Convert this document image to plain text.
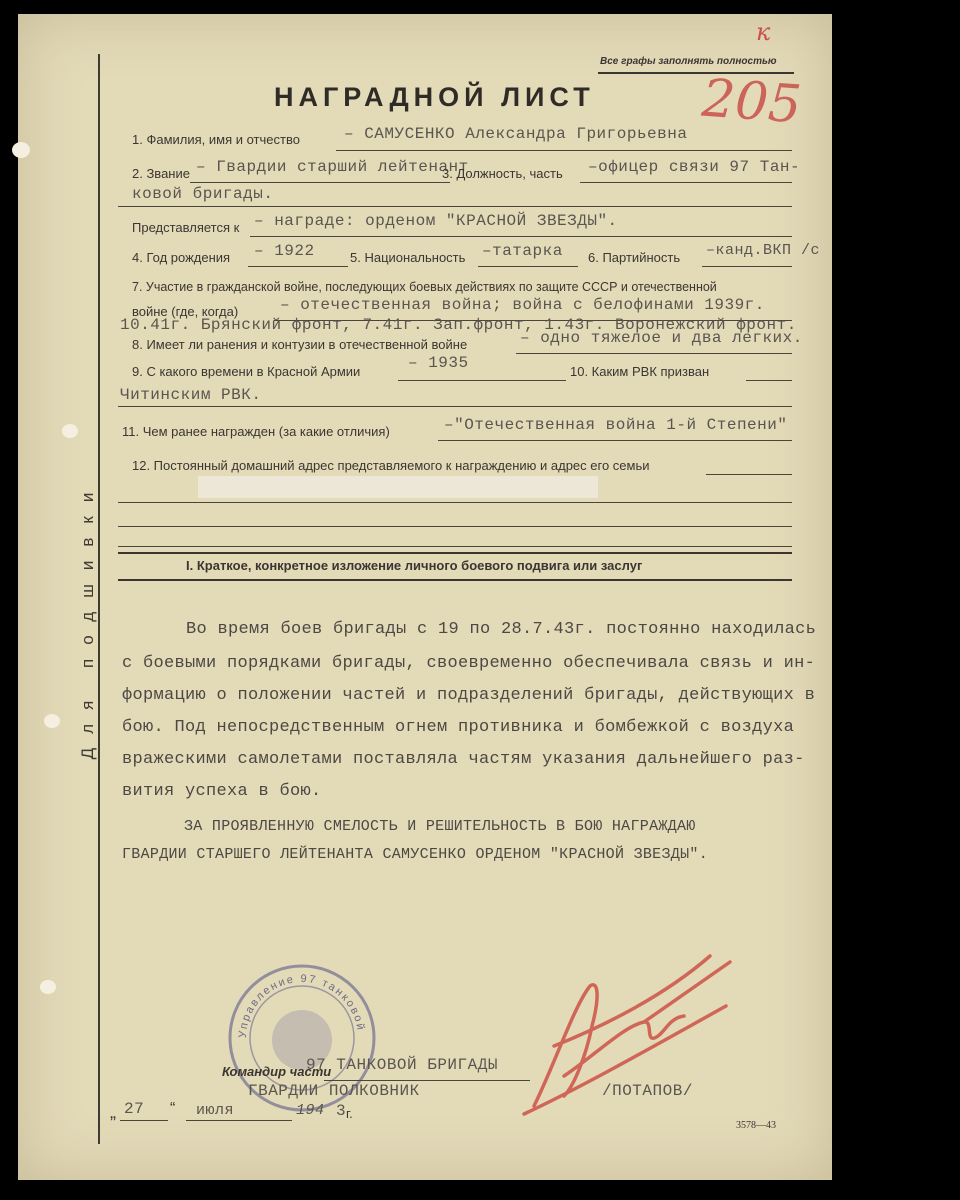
Для подшивки
Все графы заполнять полностью
к
205
НАГРАДНОЙ ЛИСТ
1. Фамилия, имя и отчество	– САМУСЕНКО Александра Григорьевна
2. Звание – Гвардии старший лейтенант
3. Должность, часть –офицер связи 97 Тан-
ковой бригады.
Представляется к – награде: орденом "КРАСНОЙ ЗВЕЗДЫ".
4. Год рождения – 1922	5. Национальность –татарка 6. Партийность –канд.ВКП /с
7. Участие в гражданской войне, последующих боевых действиях по защите СССР и отечественной
войне (где, когда)	– отечественная война; война с белофинами 1939г.
10.41г. Брянский фронт, 7.41г. Зап.фронт, 1.43г. Воронежский фронт.
8. Имеет ли ранения и контузии в отечественной войне	– одно тяжелое и два легких.
9. С какого времени в Красной Армии	– 1935	10. Каким РВК призван
Читинским РВК.
11. Чем ранее награжден (за какие отличия)	–"Отечественная война 1-й Степени"
12. Постоянный домашний адрес представляемого к награждению и адрес его семьи
I. Краткое, конкретное изложение личного боевого подвига или заслуг
Во время боев бригады с 19 по 28.7.43г. постоянно находилась
с боевыми порядками бригады, своевременно обеспечивала связь и ин-
формацию о положении частей и подразделений бригады, действующих в
бою. Под непосредственным огнем противника и бомбежкой с воздуха
вражескими самолетами поставляла частям указания дальнейшего раз-
вития успеха в бою.
ЗА ПРОЯВЛЕННУЮ СМЕЛОСТЬ И РЕШИТЕЛЬНОСТЬ В БОЮ НАГРАЖДАЮ
ГВАРДИИ СТАРШЕГО ЛЕЙТЕНАНТА САМУСЕНКО ОРДЕНОМ "КРАСНОЙ ЗВЕЗДЫ".
Управление 97 танковой
Командир части
97 ТАНКОВОЙ БРИГАДЫ
ГВАРДИИ ПОЛКОВНИК	/ПОТАПОВ/
„ 27 “ июля	194 3 г.
3578—43
